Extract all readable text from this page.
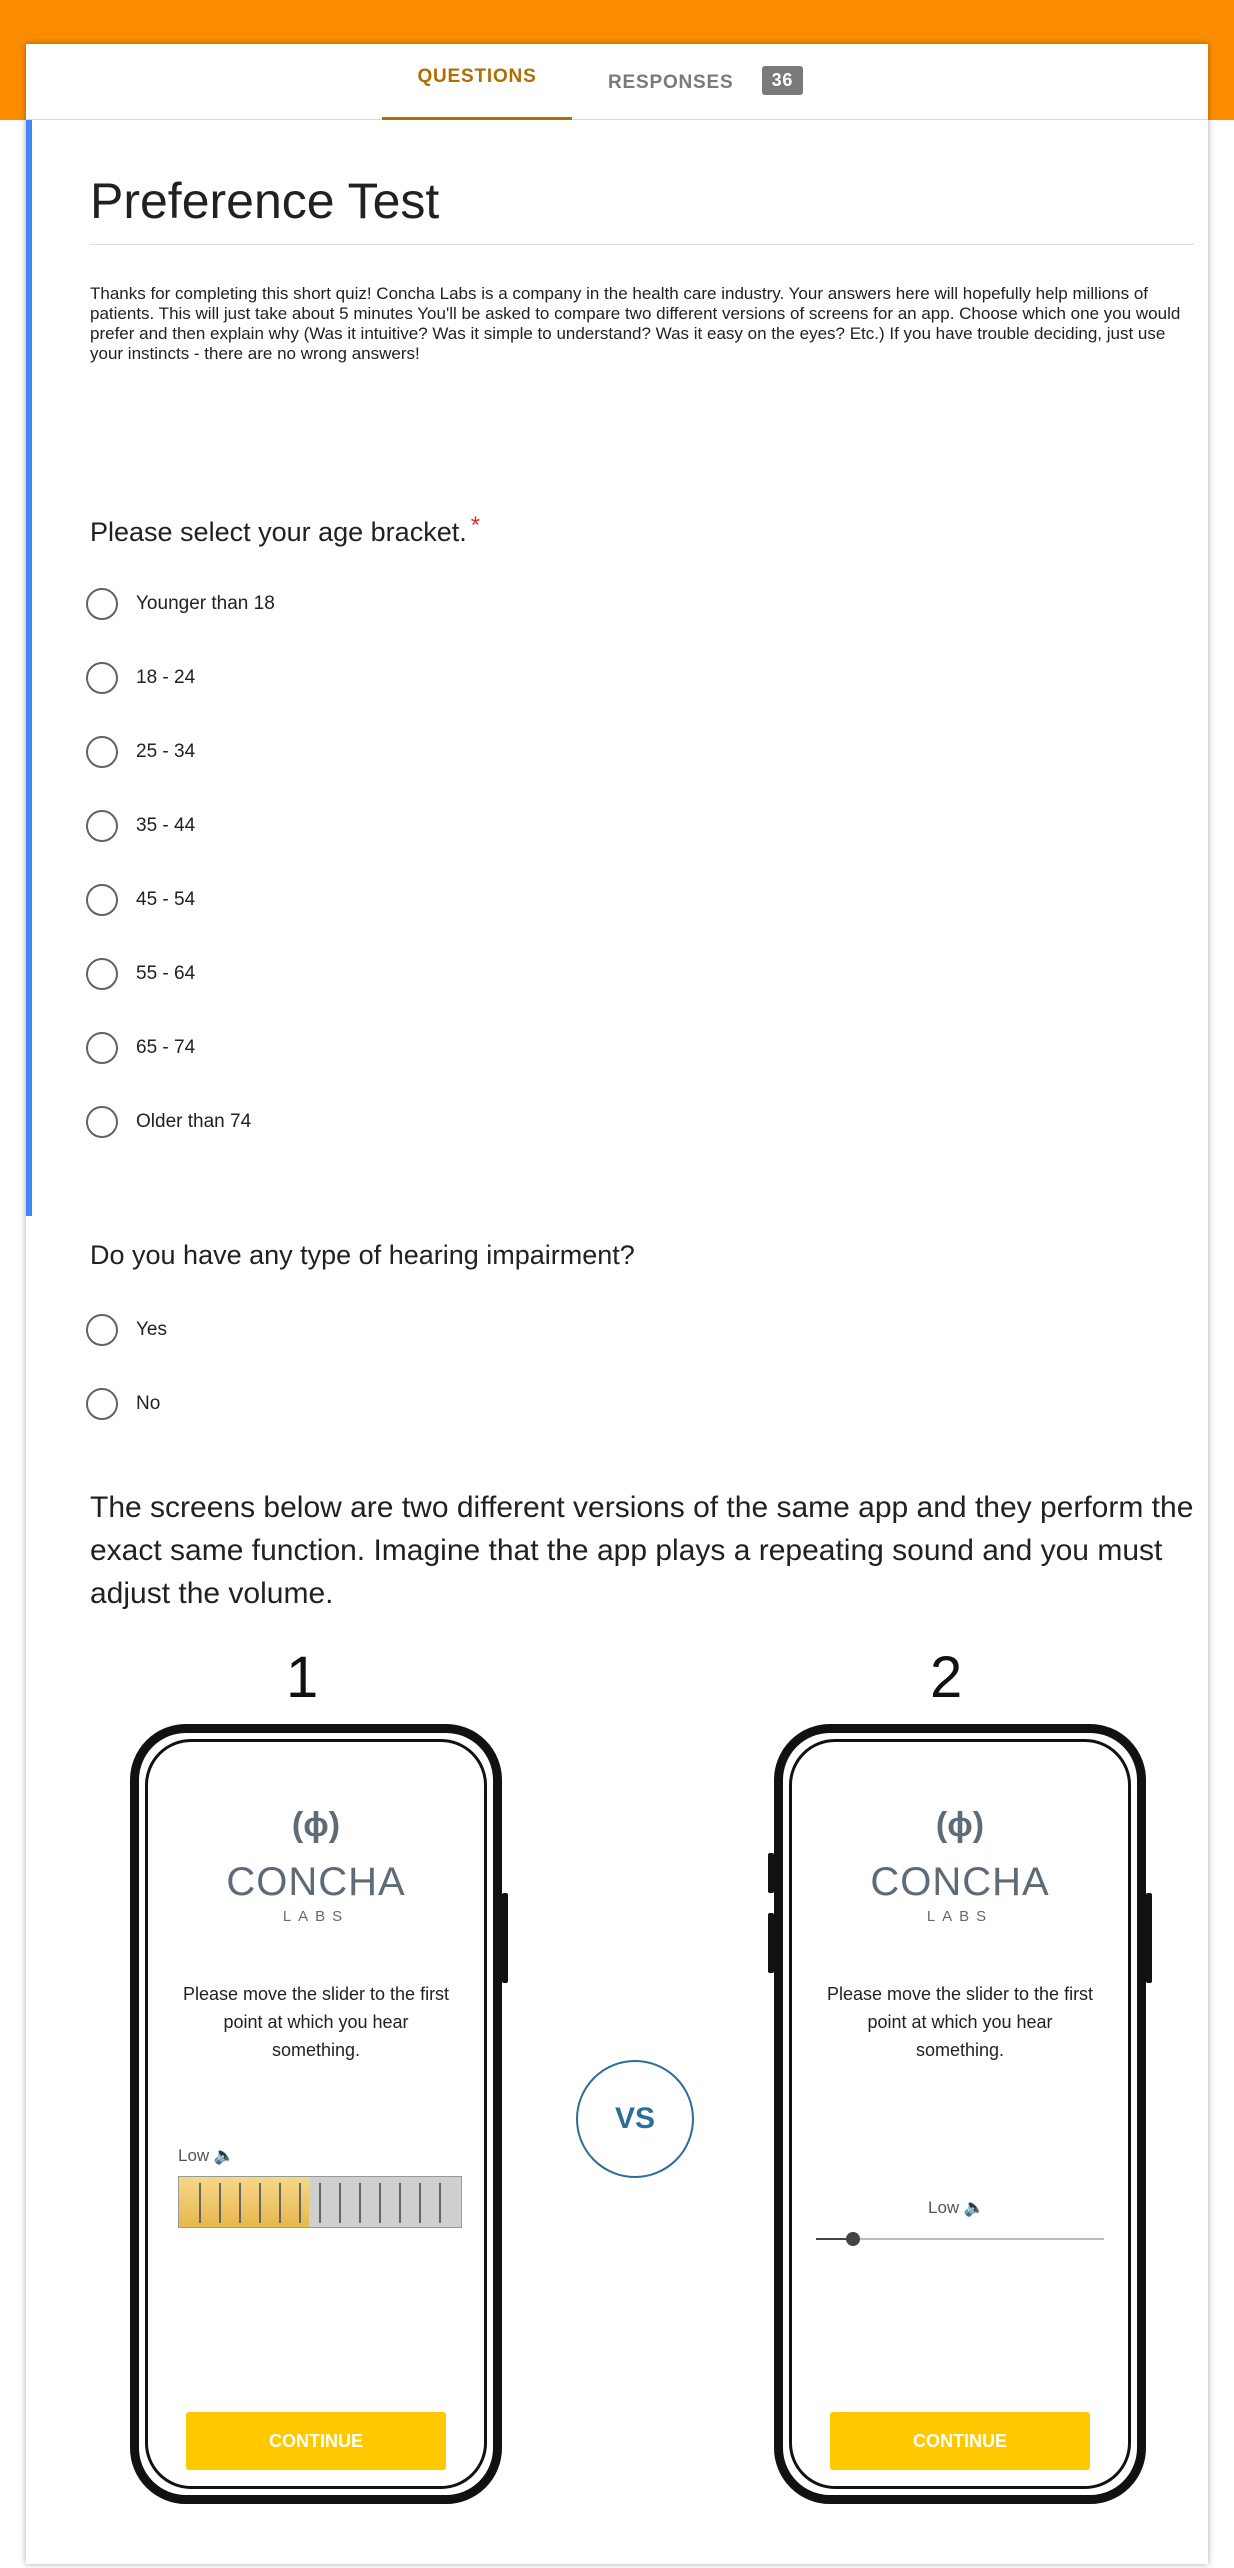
QUESTIONS	RESPONSES 36
Preference Test
Thanks for completing this short quiz! Concha Labs is a company in the health care industry. Your answers here will hopefully help millions of patients. This will just take about 5 minutes You'll be asked to compare two different versions of screens for an app. Choose which one you would prefer and then explain why (Was it intuitive? Was it simple to understand? Was it easy on the eyes? Etc.) If you have trouble deciding, just use your instincts - there are no wrong answers!
Please select your age bracket. *
Younger than 18
18 - 24
25 - 34
35 - 44
45 - 54
55 - 64
65 - 74
Older than 74
Do you have any type of hearing impairment?
Yes
No
The screens below are two different versions of the same app and they perform the exact same function. Imagine that the app plays a repeating sound and you must adjust the volume.
1	2
(ϕ)
CONCHA
LABS
Please move the slider to the first point at which you hear something.
Low 🔈
CONTINUE
VS
(ϕ)
CONCHA
LABS
Please move the slider to the first point at which you hear something.
Low 🔈
CONTINUE
